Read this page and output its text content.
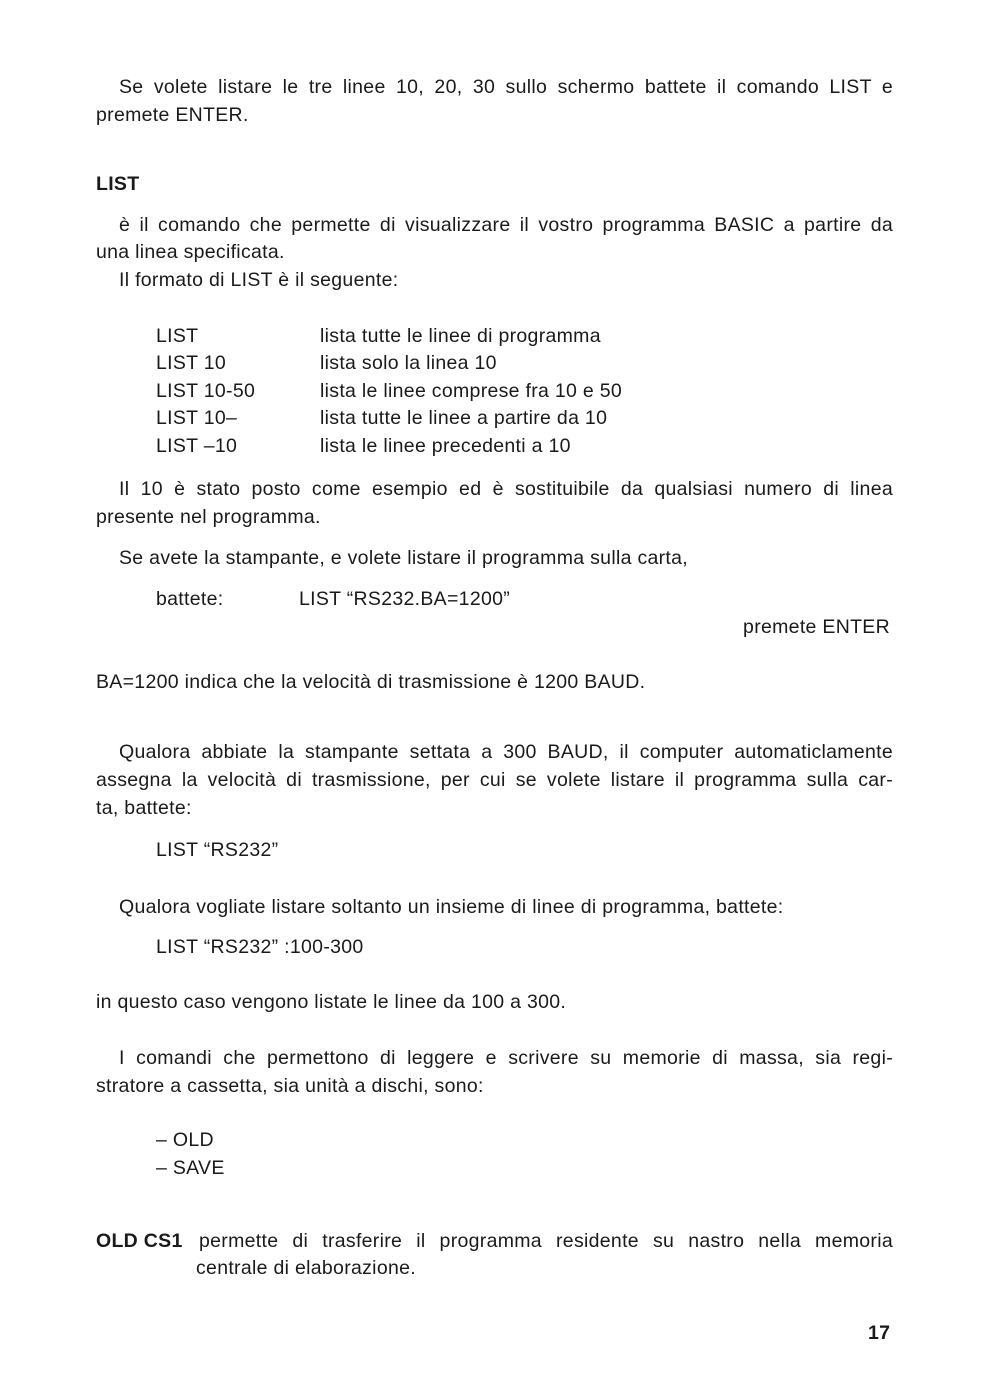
Se volete listare le tre linee 10, 20, 30 sullo schermo battete il comando LIST e
premete ENTER.
LIST
è il comando che permette di visualizzare il vostro programma BASIC a partire da
una linea specificata.
Il formato di LIST è il seguente:
LIST	lista tutte le linee di programma
LIST 10	lista solo la linea 10
LIST 10-50	lista le linee comprese fra 10 e 50
LIST 10–	lista tutte le linee a partire da 10
LIST –10	lista le linee precedenti a 10
Il 10 è stato posto come esempio ed è sostituibile da qualsiasi numero di linea
presente nel programma.
Se avete la stampante, e volete listare il programma sulla carta,
battete:	LIST “RS232.BA=1200”
premete ENTER
BA=1200 indica che la velocità di trasmissione è 1200 BAUD.
Qualora abbiate la stampante settata a 300 BAUD, il computer automaticlamente
assegna la velocità di trasmissione, per cui se volete listare il programma sulla car-
ta, battete:
LIST “RS232”
Qualora vogliate listare soltanto un insieme di linee di programma, battete:
LIST “RS232” :100-300
in questo caso vengono listate le linee da 100 a 300.
I comandi che permettono di leggere e scrivere su memorie di massa, sia regi-
stratore a cassetta, sia unità a dischi, sono:
– OLD
– SAVE
OLD CS1 permette di trasferire il programma residente su nastro nella memoria
centrale di elaborazione.
17
